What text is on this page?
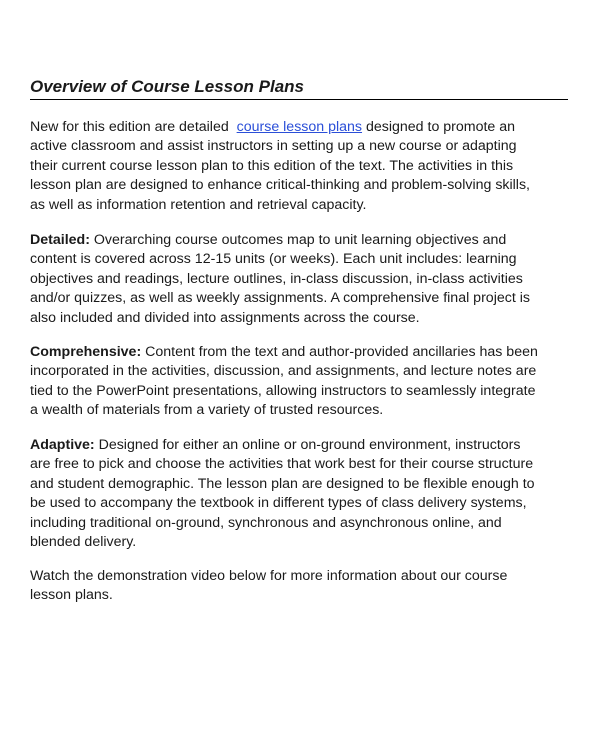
Overview of Course Lesson Plans

New for this edition are detailed  course lesson plans designed to promote an
active classroom and assist instructors in setting up a new course or adapting
their current course lesson plan to this edition of the text. The activities in this
lesson plan are designed to enhance critical-thinking and problem-solving skills,
as well as information retention and retrieval capacity.

Detailed: Overarching course outcomes map to unit learning objectives and
content is covered across 12-15 units (or weeks). Each unit includes: learning
objectives and readings, lecture outlines, in-class discussion, in-class activities
and/or quizzes, as well as weekly assignments. A comprehensive final project is
also included and divided into assignments across the course.

Comprehensive: Content from the text and author-provided ancillaries has been
incorporated in the activities, discussion, and assignments, and lecture notes are
tied to the PowerPoint presentations, allowing instructors to seamlessly integrate
a wealth of materials from a variety of trusted resources.

Adaptive: Designed for either an online or on-ground environment, instructors
are free to pick and choose the activities that work best for their course structure
and student demographic. The lesson plan are designed to be flexible enough to
be used to accompany the textbook in different types of class delivery systems,
including traditional on-ground, synchronous and asynchronous online, and
blended delivery.

Watch the demonstration video below for more information about our course
lesson plans.
